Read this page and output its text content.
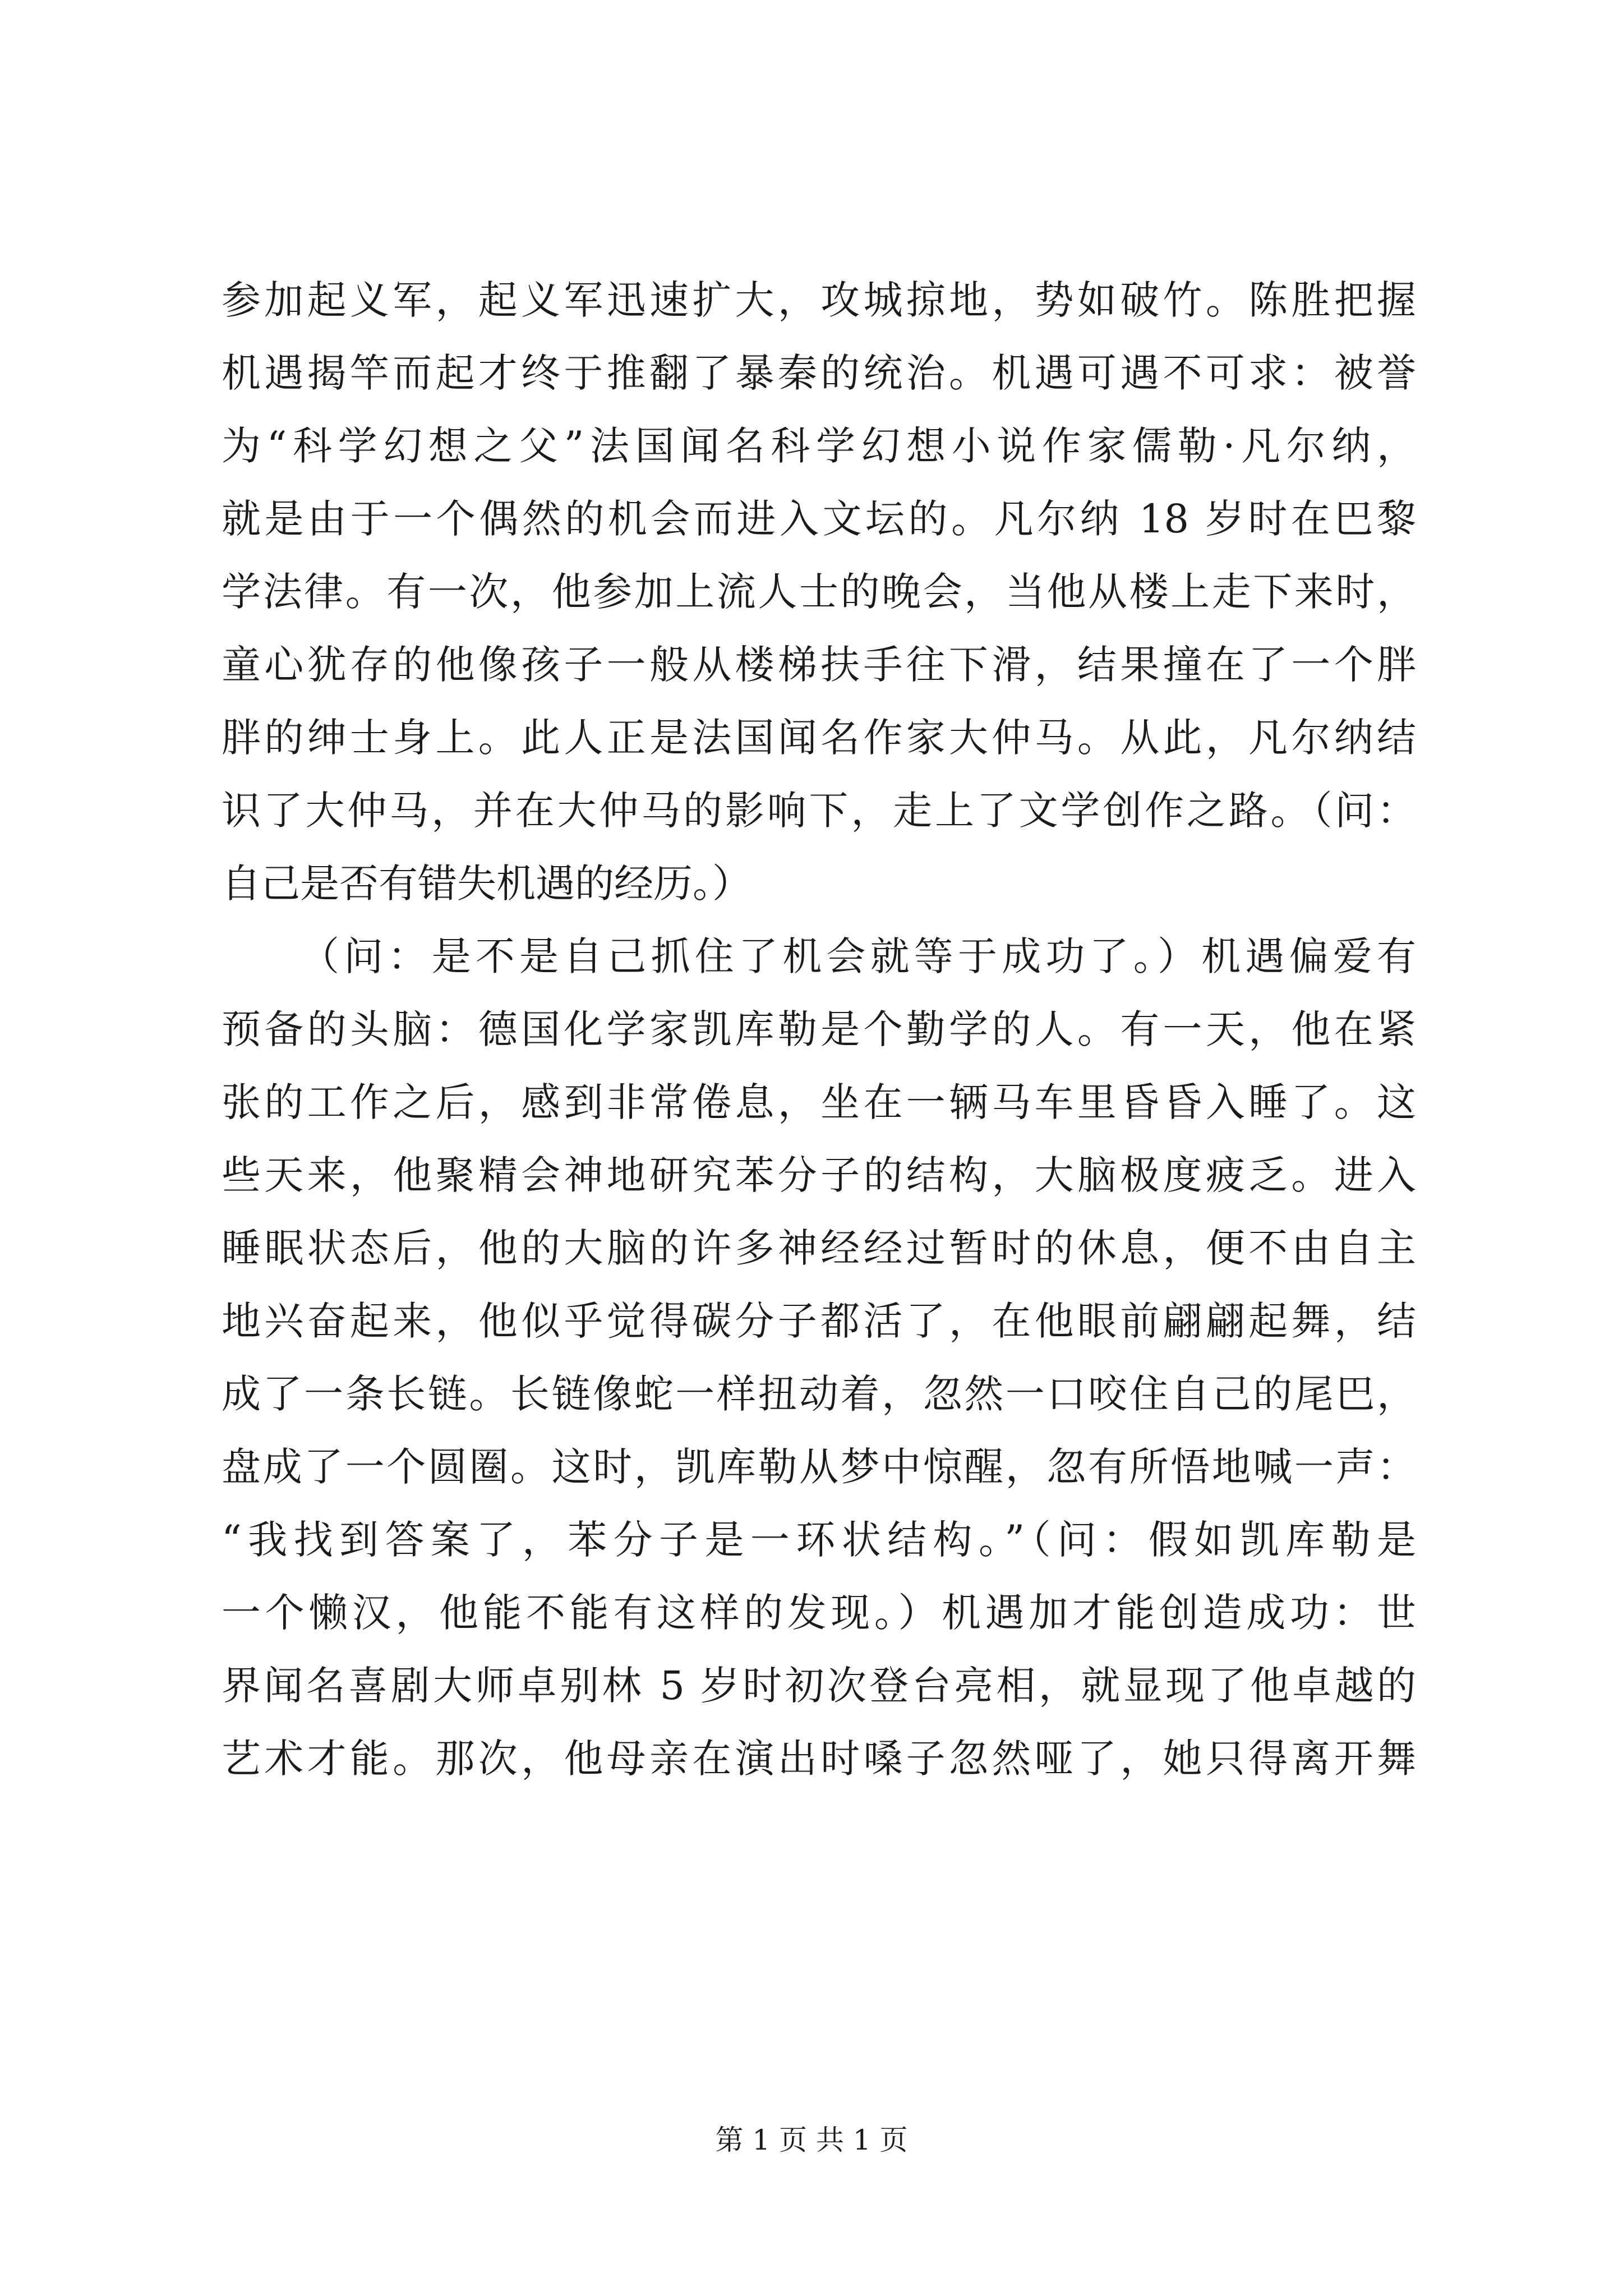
参加起义军，起义军迅速扩大，攻城掠地，势如破竹。陈胜把握
机遇揭竿而起才终于推翻了暴秦的统治。机遇可遇不可求：被誉
为“科学幻想之父”法国闻名科学幻想小说作家儒勒·凡尔纳，
就是由于一个偶然的机会而进入文坛的。凡尔纳 18 岁时在巴黎
学法律。有一次，他参加上流人士的晚会，当他从楼上走下来时，
童心犹存的他像孩子一般从楼梯扶手往下滑，结果撞在了一个胖
胖的绅士身上。此人正是法国闻名作家大仲马。从此，凡尔纳结
识了大仲马，并在大仲马的影响下，走上了文学创作之路。（问：
自己是否有错失机遇的经历。）
（问：是不是自己抓住了机会就等于成功了。）机遇偏爱有
预备的头脑：德国化学家凯库勒是个勤学的人。有一天，他在紧
张的工作之后，感到非常倦息，坐在一辆马车里昏昏入睡了。这
些天来，他聚精会神地研究苯分子的结构，大脑极度疲乏。进入
睡眠状态后，他的大脑的许多神经经过暂时的休息，便不由自主
地兴奋起来，他似乎觉得碳分子都活了，在他眼前翩翩起舞，结
成了一条长链。长链像蛇一样扭动着，忽然一口咬住自己的尾巴，
盘成了一个圆圈。这时，凯库勒从梦中惊醒，忽有所悟地喊一声：
“我找到答案了，苯分子是一环状结构。”（问：假如凯库勒是
一个懒汉，他能不能有这样的发现。）机遇加才能创造成功：世
界闻名喜剧大师卓别林 5 岁时初次登台亮相，就显现了他卓越的
艺术才能。那次，他母亲在演出时嗓子忽然哑了，她只得离开舞
第 1 页 共 1 页
